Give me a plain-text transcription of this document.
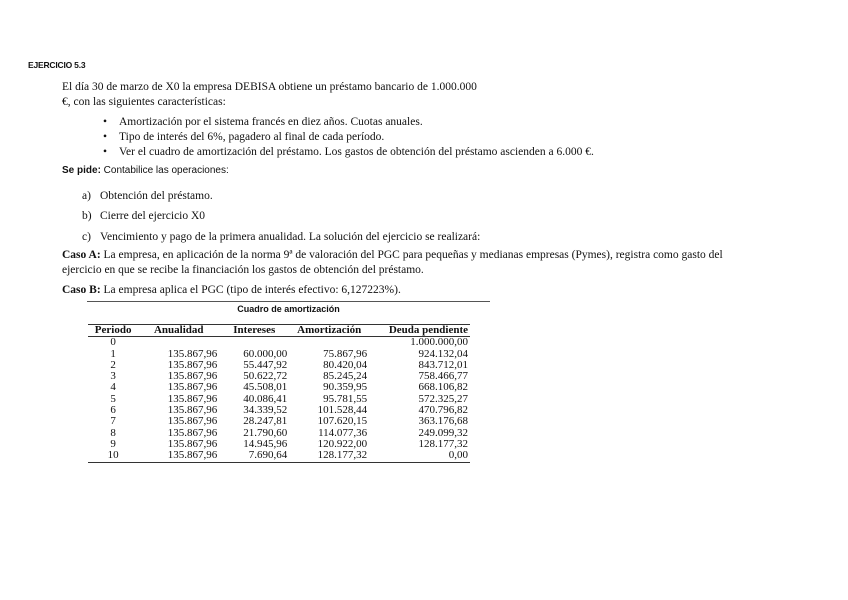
EJERCICIO 5.3
El día 30 de marzo de X0 la empresa DEBISA obtiene un préstamo bancario de 1.000.000
€, con las siguientes características:
• Amortización por el sistema francés en diez años. Cuotas anuales.
• Tipo de interés del 6%, pagadero al final de cada período.
• Ver el cuadro de amortización del préstamo. Los gastos de obtención del préstamo ascienden a 6.000 €.
Se pide: Contabilice las operaciones:
a) Obtención del préstamo.
b) Cierre del ejercicio X0
c) Vencimiento y pago de la primera anualidad. La solución del ejercicio se realizará:
Caso A: La empresa, en aplicación de la norma 9ª de valoración del PGC para pequeñas y medianas empresas (Pymes), registra como gasto del
ejercicio en que se recibe la financiación los gastos de obtención del préstamo.
Caso B: La empresa aplica el PGC (tipo de interés efectivo: 6,127223%).
Cuadro de amortización
Periodo	Anualidad	Intereses	Amortización	Deuda pendiente
0				1.000.000,00
1	135.867,96	60.000,00	75.867,96	924.132,04
2	135.867,96	55.447,92	80.420,04	843.712,01
3	135.867,96	50.622,72	85.245,24	758.466,77
4	135.867,96	45.508,01	90.359,95	668.106,82
5	135.867,96	40.086,41	95.781,55	572.325,27
6	135.867,96	34.339,52	101.528,44	470.796,82
7	135.867,96	28.247,81	107.620,15	363.176,68
8	135.867,96	21.790,60	114.077,36	249.099,32
9	135.867,96	14.945,96	120.922,00	128.177,32
10	135.867,96	7.690,64	128.177,32	0,00
